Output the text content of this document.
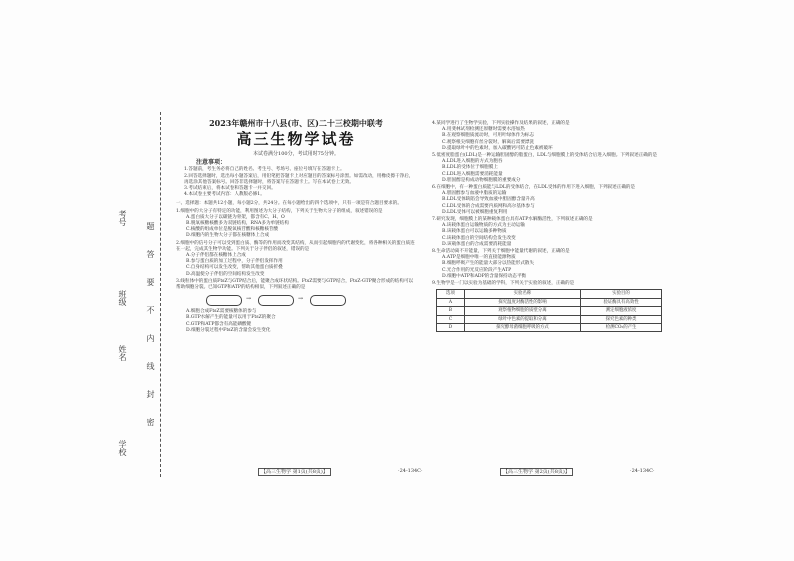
考号
班级
姓名
学校
题
答
要
不
内
线
封
密
2023年赣州市十八县(市、区)二十三校期中联考
高三生物学试卷
本试卷满分100分，考试用时75分钟。
注意事项：

1.答题前，考生务必将自己的姓名、考生号、考场号、座位号填写在答题卡上。

2.回答选择题时，选出每小题答案后，用铅笔把答题卡上对应题目的答案标号涂黑。如需改动，用橡皮擦干净后，再选涂其他答案标号。回答非选择题时，将答案写在答题卡上。写在本试卷上无效。

3.考试结束后，将本试卷和答题卡一并交回。

4.本试卷主要考试内容：人教版必修1。

一、选择题：本题共12小题，每小题2分，共24分。在每小题给出的四个选项中，只有一项是符合题目要求的。

1.细胞中的大分子有特定的功能，利用图述为大分子结构，下列关于生物大分子的组成，叙述错误的是

A.蛋白质大分子以碳链为骨架，都含有C、H、O

B.脱氧核糖核酸多为双链结构，RNA多为单链结构

C.核酸的组成单位是脱氧核苷酸和核糖核苷酸

D.细胞内的生物大分子都在核糖体上合成

2.细胞中的信号分子可以受到蛋白质、酶等的作用而改变其结构，从而引起细胞内的代谢变化，将各种相关的蛋白质连在一起，完成其生物学功能。下列关于分子伴侣的叙述，错误的是

A.分子伴侣都在核糖体上合成

B.参与蛋白质的加工过程中，分子伴侣发挥作用

C.自身结构可以发生改变，帮助其他蛋白质折叠

D.高温使分子伴侣的空间结构发生改变

3.线粒体中的蛋白质FtsZ与GTP结合后，能聚合成环状结构。FtsZ需要与GTP结合，FtsZ-GTP聚合形成的结构可以帮助细胞分裂。已知GTP和ATP的结构相似，下列叙述正确的是

→	→

A.细胞合成FtsZ需要核糖体的参与

B.GTP水解产生的能量可以用于FtsZ的聚合

C.GTP和ATP都含有高能磷酸键

D.细胞分裂过程中FtsZ的含量会发生变化

4.某同学进行了生物学实验，下列实验操作及结果的叙述，正确的是

A.用斐林试剂检测还原糖时需要水浴加热

B.在观察细胞质流动时，可用叶绿体作为标志

C.观察根尖细胞有丝分裂时，解离后需要漂洗

D.提取绿叶中的色素时，加入碳酸钙可防止色素被破坏

5.低密度脂蛋白(LDL)是一种运输胆固醇的脂蛋白，LDL与细胞膜上的受体结合后进入细胞。下列叙述正确的是

A.LDL进入细胞的方式为胞吞

B.LDL的受体位于细胞膜上

C.LDL进入细胞需要消耗能量

D.胆固醇是构成动物细胞膜的重要成分

6.在细胞中，有一种蛋白质能与LDL的受体结合，在LDL受体的作用下进入细胞，下列叙述正确的是

A.胆固醇参与血液中脂质的运输

B.LDL受体缺陷会导致血液中胆固醇含量升高

C.LDL受体的合成需要内质网和高尔基体参与

D.LDL受体可以被细胞重复利用

7.研究发现，细胞膜上的某种载体蛋白具有ATP水解酶活性，下列叙述正确的是

A.该载体蛋白运输物质的方式为主动运输

B.该载体蛋白可以运输多种物质

C.该载体蛋白的空间结构会发生改变

D.该载体蛋白的合成需要消耗能量

8.生命活动离不开能量，下列关于细胞中能量代谢的叙述，正确的是

A.ATP是细胞中唯一的直接能源物质

B.细胞呼吸产生的能量大部分以热能形式散失

C.光合作用的光反应阶段产生ATP

D.细胞中ATP和ADP的含量保持动态平衡

9.生物学是一门以实验为基础的学科，下列关于实验的叙述，正确的是

选项	实验名称	实验目的
A	探究温度对酶活性的影响	验证酶具有高效性
B	观察植物细胞的质壁分离	测定细胞液浓度
C	绿叶中色素的提取和分离	探究色素的种类
D	探究酵母菌细胞呼吸的方式	检测CO₂的产生
【高三生物学 第1页(共8页)】	·24-134C·	【高三生物学 第2页(共8页)】	·24-134C·
